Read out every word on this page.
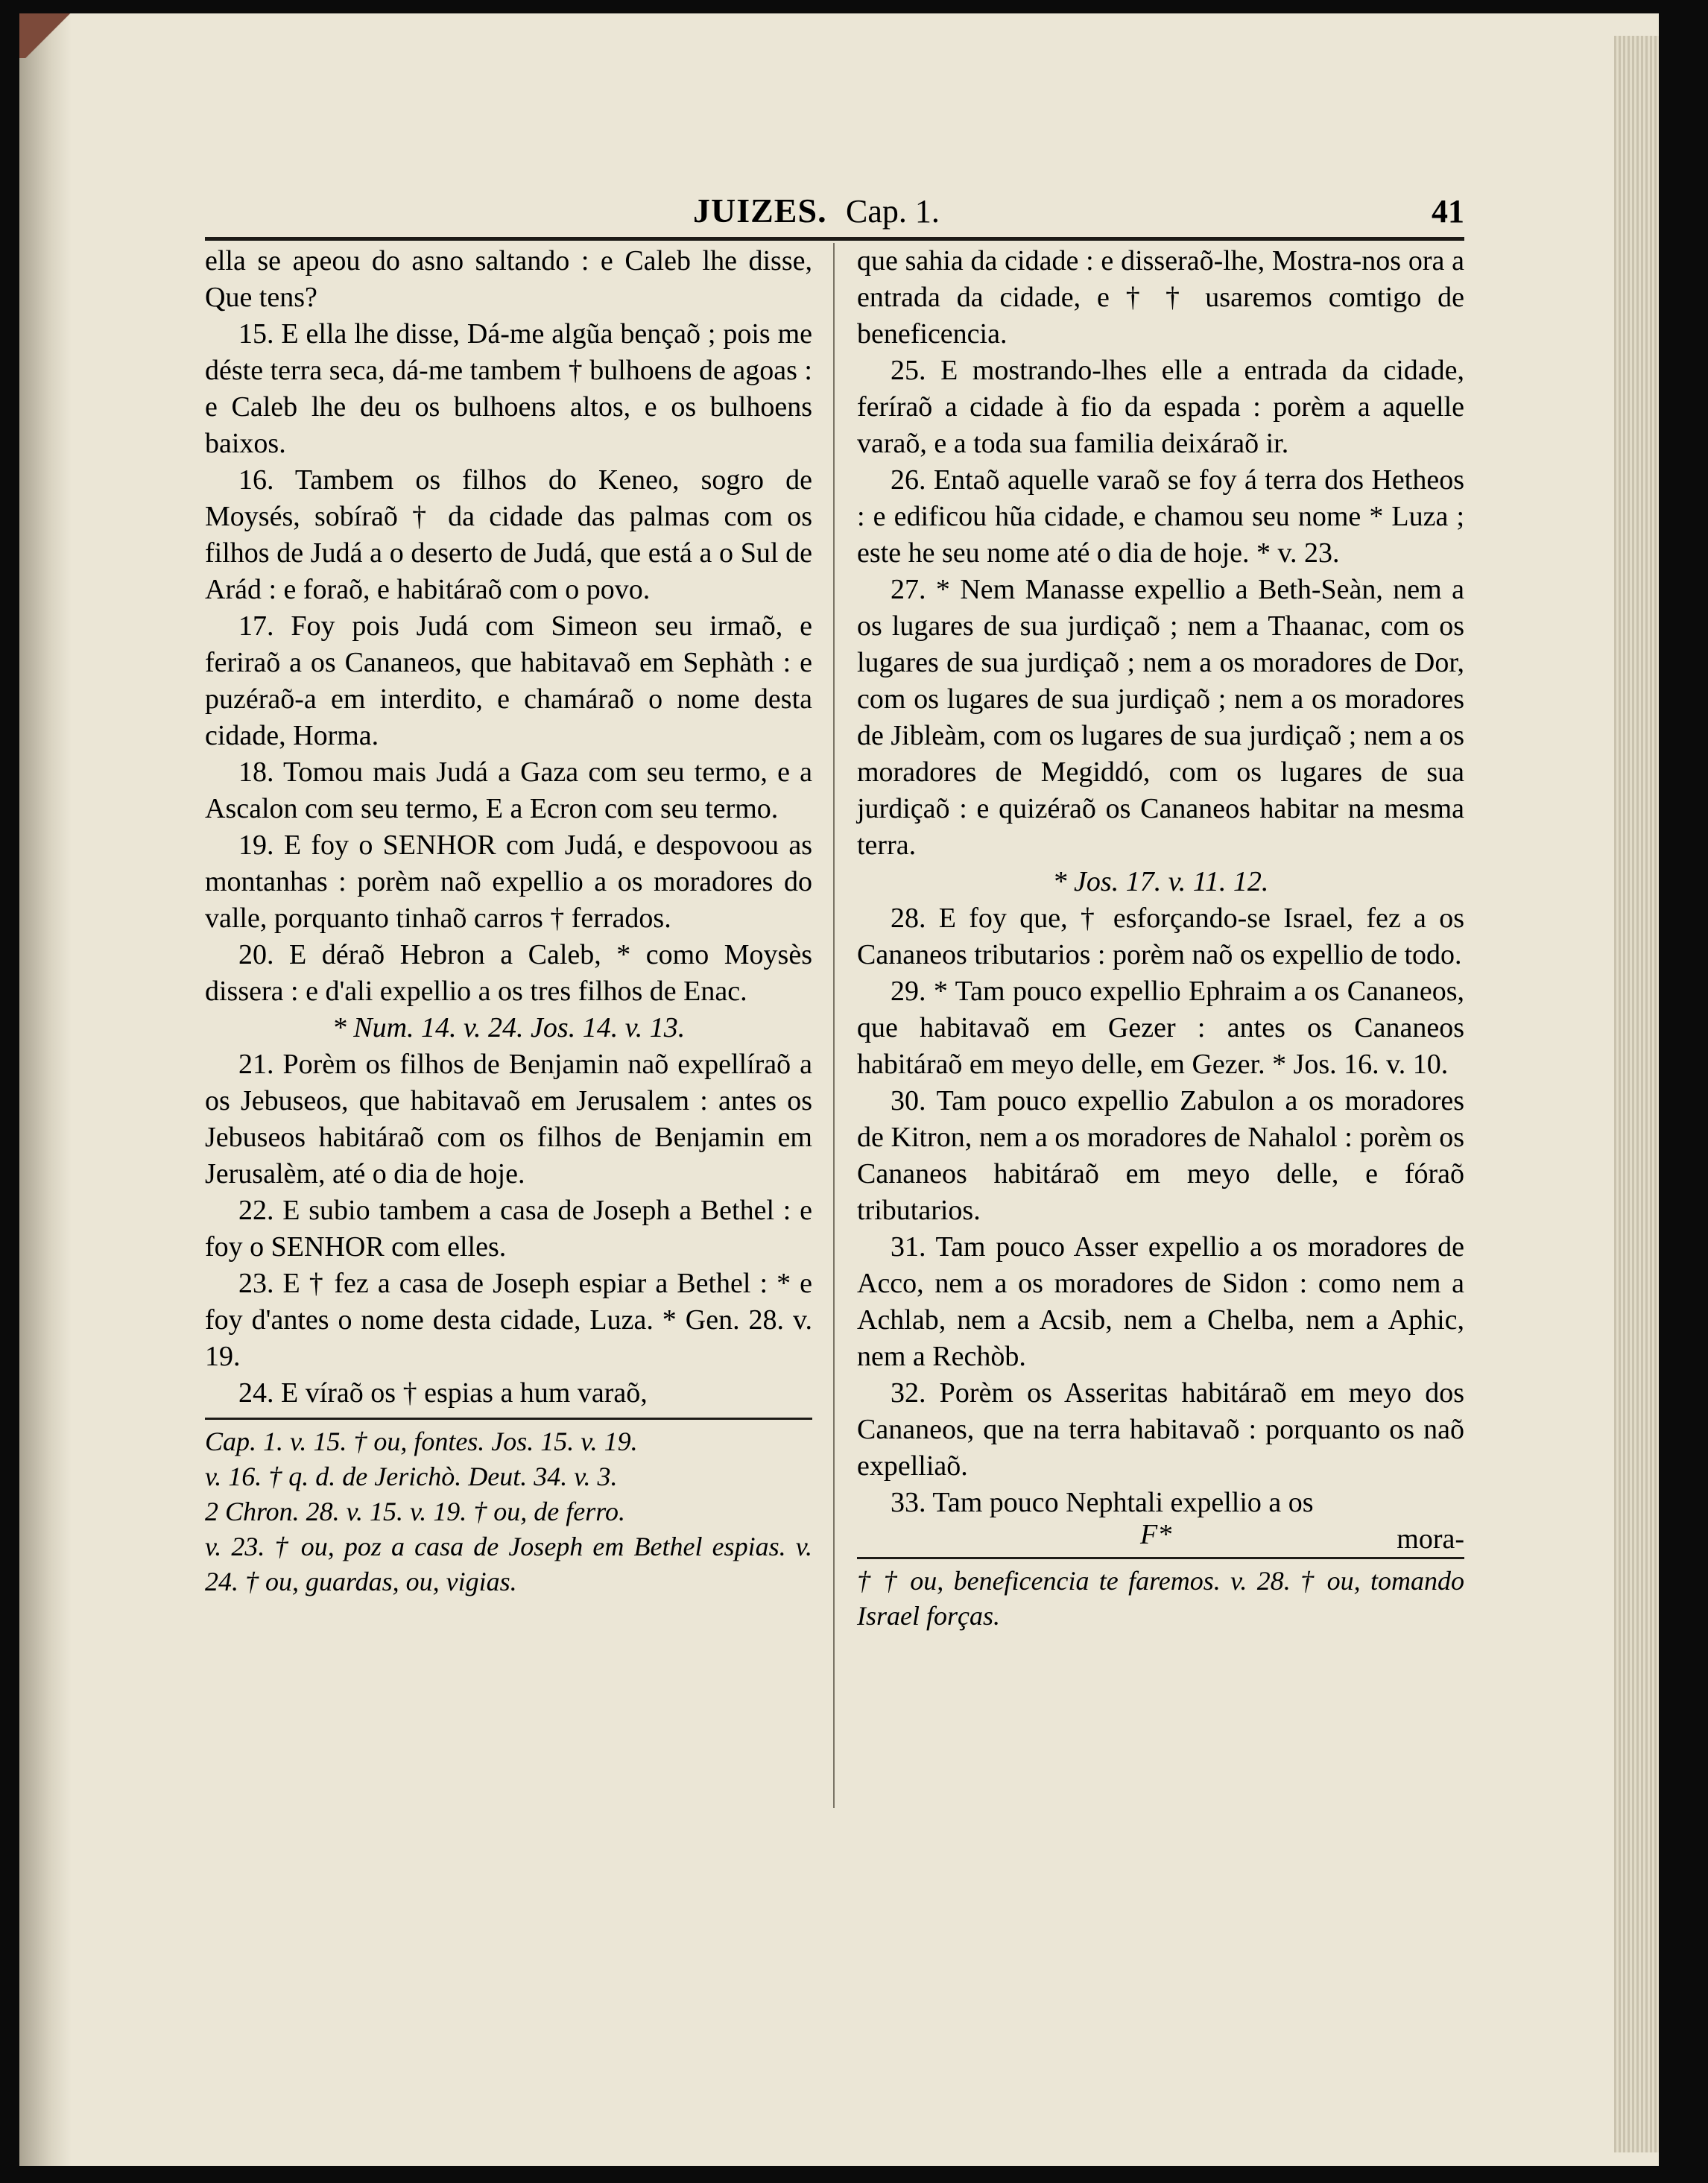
JUIZES. Cap. 1.	41

ella se apeou do asno saltando : e Caleb lhe disse, Que tens?

15. E ella lhe disse, Dá-me algũa bençaõ ; pois me déste terra seca, dá-me tambem † bulhoens de agoas : e Caleb lhe deu os bulhoens altos, e os bulhoens baixos.

16. Tambem os filhos do Keneo, sogro de Moysés, sobíraõ † da cidade das palmas com os filhos de Judá a o deserto de Judá, que está a o Sul de Arád : e foraõ, e habitáraõ com o povo.

17. Foy pois Judá com Simeon seu irmaõ, e feriraõ a os Cananeos, que habitavaõ em Sephàth : e puzéraõ-a em interdito, e chamáraõ o nome desta cidade, Horma.

18. Tomou mais Judá a Gaza com seu termo, e a Ascalon com seu termo, E a Ecron com seu termo.

19. E foy o SENHOR com Judá, e despovoou as montanhas : porèm naõ expellio a os moradores do valle, porquanto tinhaõ carros † ferrados.

20. E déraõ Hebron a Caleb, * como Moysès dissera : e d'ali expellio a os tres filhos de Enac.

* Num. 14. v. 24. Jos. 14. v. 13.

21. Porèm os filhos de Benjamin naõ expellíraõ a os Jebuseos, que habitavaõ em Jerusalem : antes os Jebuseos habitáraõ com os filhos de Benjamin em Jerusalèm, até o dia de hoje.

22. E subio tambem a casa de Joseph a Bethel : e foy o SENHOR com elles.

23. E † fez a casa de Joseph espiar a Bethel : * e foy d'antes o nome desta cidade, Luza. * Gen. 28. v. 19.

24. E víraõ os † espias a hum varaõ,

Cap. 1. v. 15. † ou, fontes. Jos. 15. v. 19.

v. 16. † q. d. de Jerichò. Deut. 34. v. 3.

2 Chron. 28. v. 15. v. 19. † ou, de ferro.

v. 23. † ou, poz a casa de Joseph em Bethel espias. v. 24. † ou, guardas, ou, vigias.

que sahia da cidade : e disseraõ-lhe, Mostra-nos ora a entrada da cidade, e † † usaremos comtigo de beneficencia.

25. E mostrando-lhes elle a entrada da cidade, feríraõ a cidade à fio da espada : porèm a aquelle varaõ, e a toda sua familia deixáraõ ir.

26. Entaõ aquelle varaõ se foy á terra dos Hetheos : e edificou hũa cidade, e chamou seu nome * Luza ; este he seu nome até o dia de hoje. * v. 23.

27. * Nem Manasse expellio a Beth-Seàn, nem a os lugares de sua jurdiçaõ ; nem a Thaanac, com os lugares de sua jurdiçaõ ; nem a os moradores de Dor, com os lugares de sua jurdiçaõ ; nem a os moradores de Jibleàm, com os lugares de sua jurdiçaõ ; nem a os moradores de Megiddó, com os lugares de sua jurdiçaõ : e quizéraõ os Cananeos habitar na mesma terra.

* Jos. 17. v. 11. 12.

28. E foy que, † esforçando-se Israel, fez a os Cananeos tributarios : porèm naõ os expellio de todo.

29. * Tam pouco expellio Ephraim a os Cananeos, que habitavaõ em Gezer : antes os Cananeos habitáraõ em meyo delle, em Gezer. * Jos. 16. v. 10.

30. Tam pouco expellio Zabulon a os moradores de Kitron, nem a os moradores de Nahalol : porèm os Cananeos habitáraõ em meyo delle, e fóraõ tributarios.

31. Tam pouco Asser expellio a os moradores de Acco, nem a os moradores de Sidon : como nem a Achlab, nem a Acsib, nem a Chelba, nem a Aphic, nem a Rechòb.

32. Porèm os Asseritas habitáraõ em meyo dos Cananeos, que na terra habitavaõ : porquanto os naõ expelliaõ.

33. Tam pouco Nephtali expellio a os

F*	mora-

† † ou, beneficencia te faremos. v. 28. † ou, tomando Israel forças.
